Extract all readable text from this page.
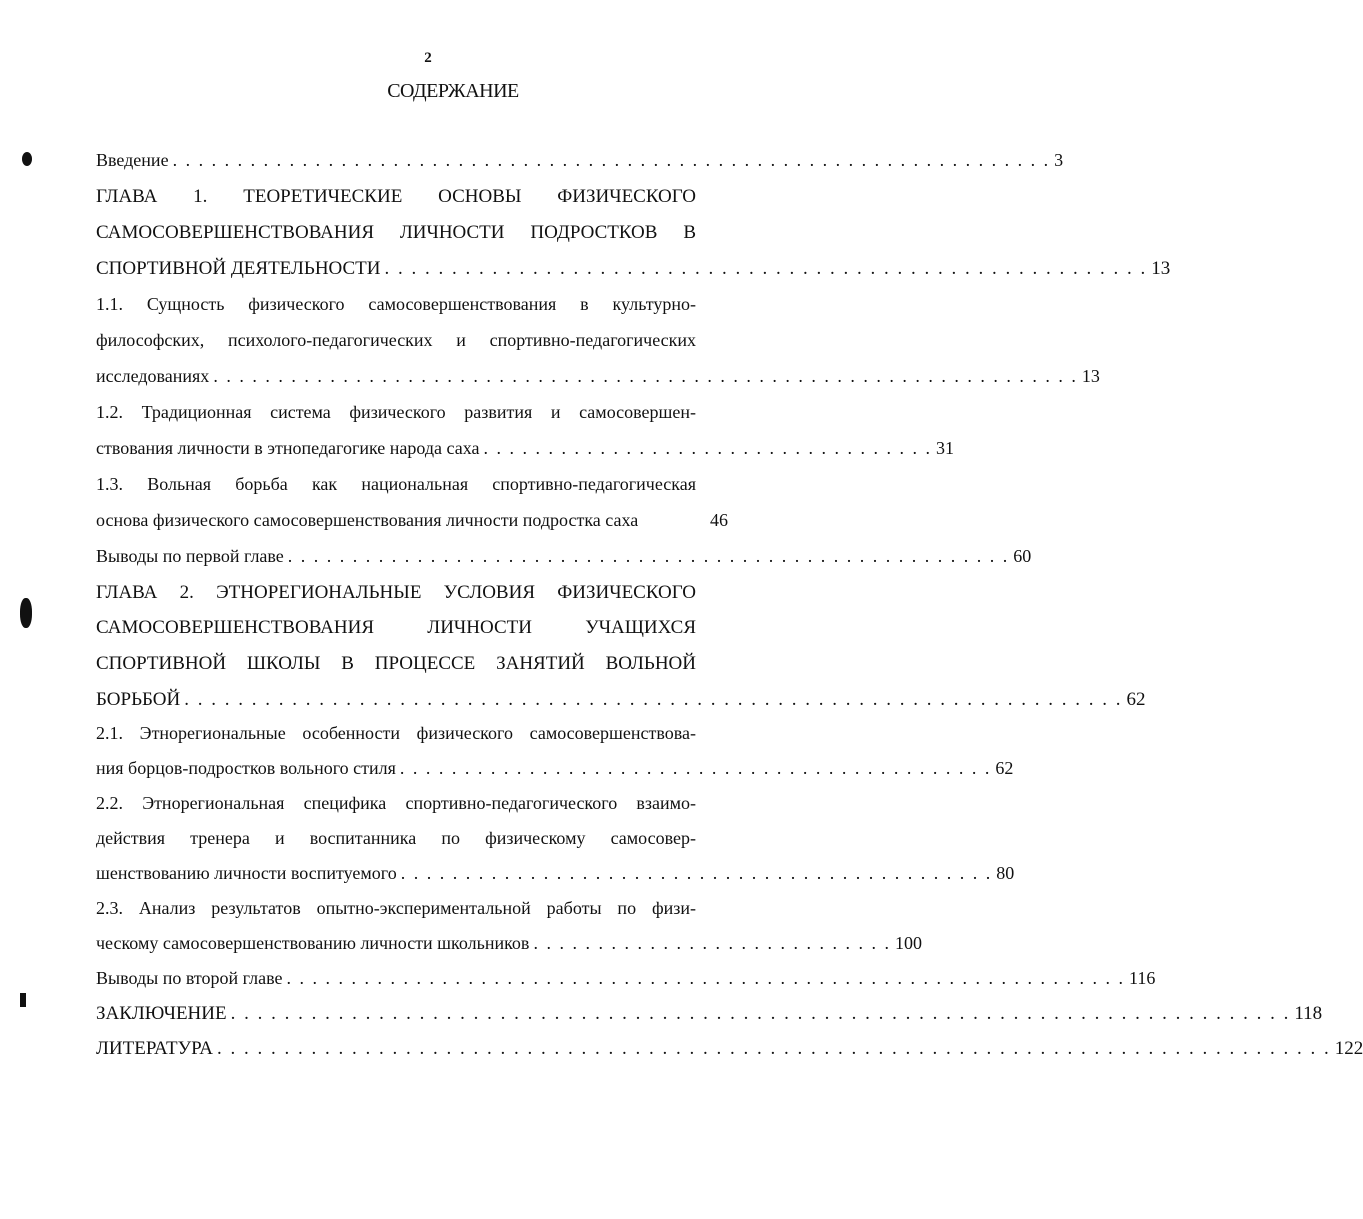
2
СОДЕРЖАНИЕ
Введение . . . . . . . . . . . . . . . . . . . . . . . . . . . . . . . . . . . . . . . . . . . . . . . . . . . . . . . . . . . . . . . . . . . . 3
ГЛАВА 1. ТЕОРЕТИЧЕСКИЕ ОСНОВЫ ФИЗИЧЕСКОГО
САМОСОВЕРШЕНСТВОВАНИЯ ЛИЧНОСТИ ПОДРОСТКОВ В
СПОРТИВНОЙ ДЕЯТЕЛЬНОСТИ . . . . . . . . . . . . . . . . . . . . . . . . . . . . . . . . . . . . . . . . . . . . . . . . . . . . . . . . . 13
1.1. Сущность физического самосовершенствования в культурно-
философских, психолого-педагогических и спортивно-педагогических
исследованиях . . . . . . . . . . . . . . . . . . . . . . . . . . . . . . . . . . . . . . . . . . . . . . . . . . . . . . . . . . . . . . . . . . . 13
1.2. Традиционная система физического развития и самосовершен-
ствования личности в этнопедагогике народа саха . . . . . . . . . . . . . . . . . . . . . . . . . . . . . . . . . . . 31
1.3. Вольная борьба как национальная спортивно-педагогическая
основа физического самосовершенствования личности подростка саха	46
Выводы по первой главе . . . . . . . . . . . . . . . . . . . . . . . . . . . . . . . . . . . . . . . . . . . . . . . . . . . . . . . . 60
ГЛАВА 2. ЭТНОРЕГИОНАЛЬНЫЕ УСЛОВИЯ ФИЗИЧЕСКОГО
САМОСОВЕРШЕНСТВОВАНИЯ ЛИЧНОСТИ УЧАЩИХСЯ
СПОРТИВНОЙ ШКОЛЫ В ПРОЦЕССЕ ЗАНЯТИЙ ВОЛЬНОЙ
БОРЬБОЙ . . . . . . . . . . . . . . . . . . . . . . . . . . . . . . . . . . . . . . . . . . . . . . . . . . . . . . . . . . . . . . . . . . . . . . 62
2.1. Этнорегиональные особенности физического самосовершенствова-
ния борцов-подростков вольного стиля . . . . . . . . . . . . . . . . . . . . . . . . . . . . . . . . . . . . . . . . . . . . . . 62
2.2. Этнорегиональная специфика спортивно-педагогического взаимо-
действия тренера и воспитанника по физическому самосовер-
шенствованию личности воспитуемого . . . . . . . . . . . . . . . . . . . . . . . . . . . . . . . . . . . . . . . . . . . . . . 80
2.3. Анализ результатов опытно-экспериментальной работы по физи-
ческому самосовершенствованию личности школьников . . . . . . . . . . . . . . . . . . . . . . . . . . . . 100
Выводы по второй главе . . . . . . . . . . . . . . . . . . . . . . . . . . . . . . . . . . . . . . . . . . . . . . . . . . . . . . . . . . . . . . . . . 116
ЗАКЛЮЧЕНИЕ . . . . . . . . . . . . . . . . . . . . . . . . . . . . . . . . . . . . . . . . . . . . . . . . . . . . . . . . . . . . . . . . . . . . . . . . . . . . . . . 118
ЛИТЕРАТУРА . . . . . . . . . . . . . . . . . . . . . . . . . . . . . . . . . . . . . . . . . . . . . . . . . . . . . . . . . . . . . . . . . . . . . . . . . . . . . . . . . . . 122
